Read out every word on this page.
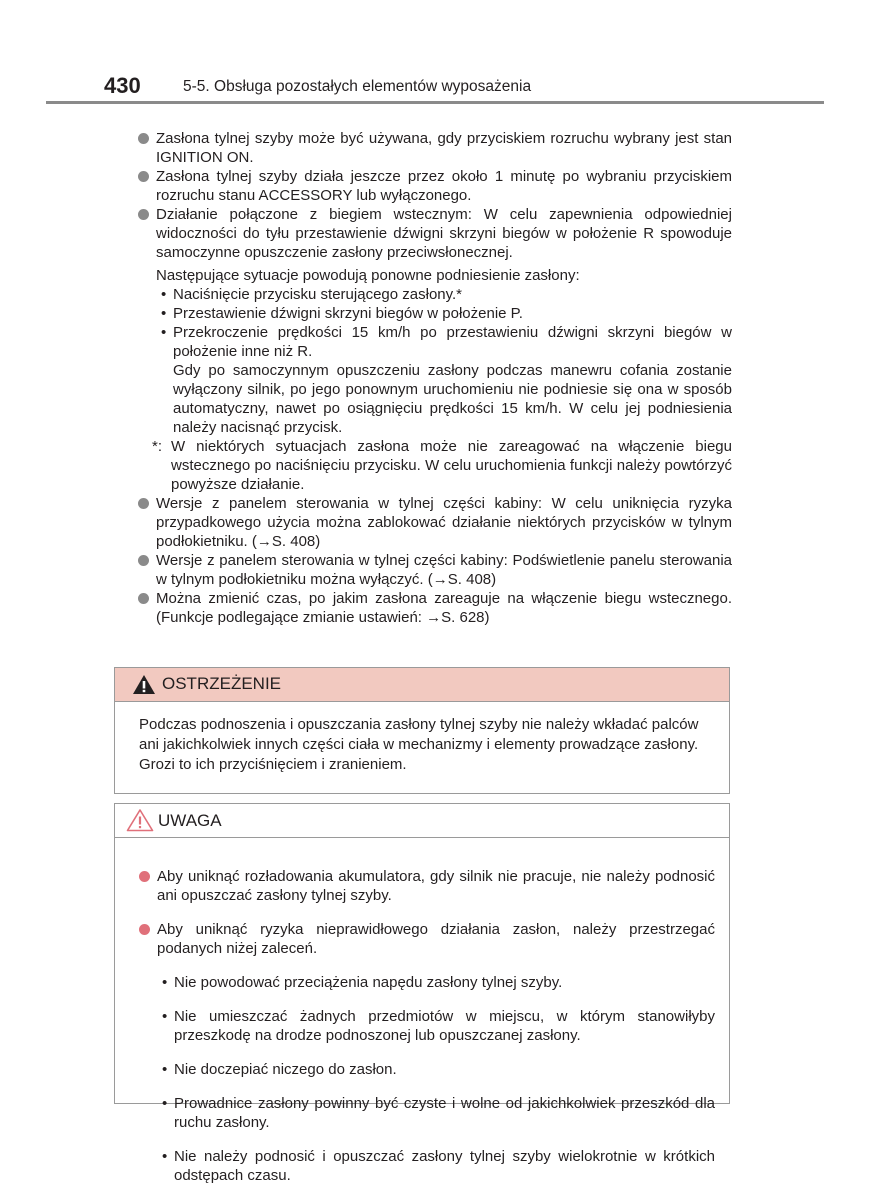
430	5-5. Obsługa pozostałych elementów wyposażenia

Zasłona tylnej szyby może być używana, gdy przyciskiem rozruchu wybrany jest stan IGNITION ON.

Zasłona tylnej szyby działa jeszcze przez około 1 minutę po wybraniu przyciskiem rozruchu stanu ACCESSORY lub wyłączonego.

Działanie połączone z biegiem wstecznym: W celu zapewnienia odpowiedniej widoczności do tyłu przestawienie dźwigni skrzyni biegów w położenie R spowoduje samoczynne opuszczenie zasłony przeciwsłonecznej.

Następujące sytuacje powodują ponowne podniesienie zasłony:

• Naciśnięcie przycisku sterującego zasłony.*

• Przestawienie dźwigni skrzyni biegów w położenie P.

• Przekroczenie prędkości 15 km/h po przestawieniu dźwigni skrzyni biegów w położenie inne niż R.

Gdy po samoczynnym opuszczeniu zasłony podczas manewru cofania zostanie wyłączony silnik, po jego ponownym uruchomieniu nie podniesie się ona w sposób automatyczny, nawet po osiągnięciu prędkości 15 km/h. W celu jej podniesienia należy nacisnąć przycisk.

*: W niektórych sytuacjach zasłona może nie zareagować na włączenie biegu wstecznego po naciśnięciu przycisku. W celu uruchomienia funkcji należy powtórzyć powyższe działanie.

Wersje z panelem sterowania w tylnej części kabiny: W celu uniknięcia ryzyka przypadkowego użycia można zablokować działanie niektórych przycisków w tylnym podłokietniku. (→S. 408)

Wersje z panelem sterowania w tylnej części kabiny: Podświetlenie panelu sterowania w tylnym podłokietniku można wyłączyć. (→S. 408)

Można zmienić czas, po jakim zasłona zareaguje na włączenie biegu wstecznego. (Funkcje podlegające zmianie ustawień: →S. 628)

OSTRZEŻENIE

Podczas podnoszenia i opuszczania zasłony tylnej szyby nie należy wkładać palców ani jakichkolwiek innych części ciała w mechanizmy i elementy prowadzące zasłony. Grozi to ich przyciśnięciem i zranieniem.

UWAGA

Aby uniknąć rozładowania akumulatora, gdy silnik nie pracuje, nie należy podnosić ani opuszczać zasłony tylnej szyby.

Aby uniknąć ryzyka nieprawidłowego działania zasłon, należy przestrzegać podanych niżej zaleceń.

• Nie powodować przeciążenia napędu zasłony tylnej szyby.

• Nie umieszczać żadnych przedmiotów w miejscu, w którym stanowiłyby przeszkodę na drodze podnoszonej lub opuszczanej zasłony.

• Nie doczepiać niczego do zasłon.

• Prowadnice zasłony powinny być czyste i wolne od jakichkolwiek przeszkód dla ruchu zasłony.

• Nie należy podnosić i opuszczać zasłony tylnej szyby wielokrotnie w krótkich odstępach czasu.
